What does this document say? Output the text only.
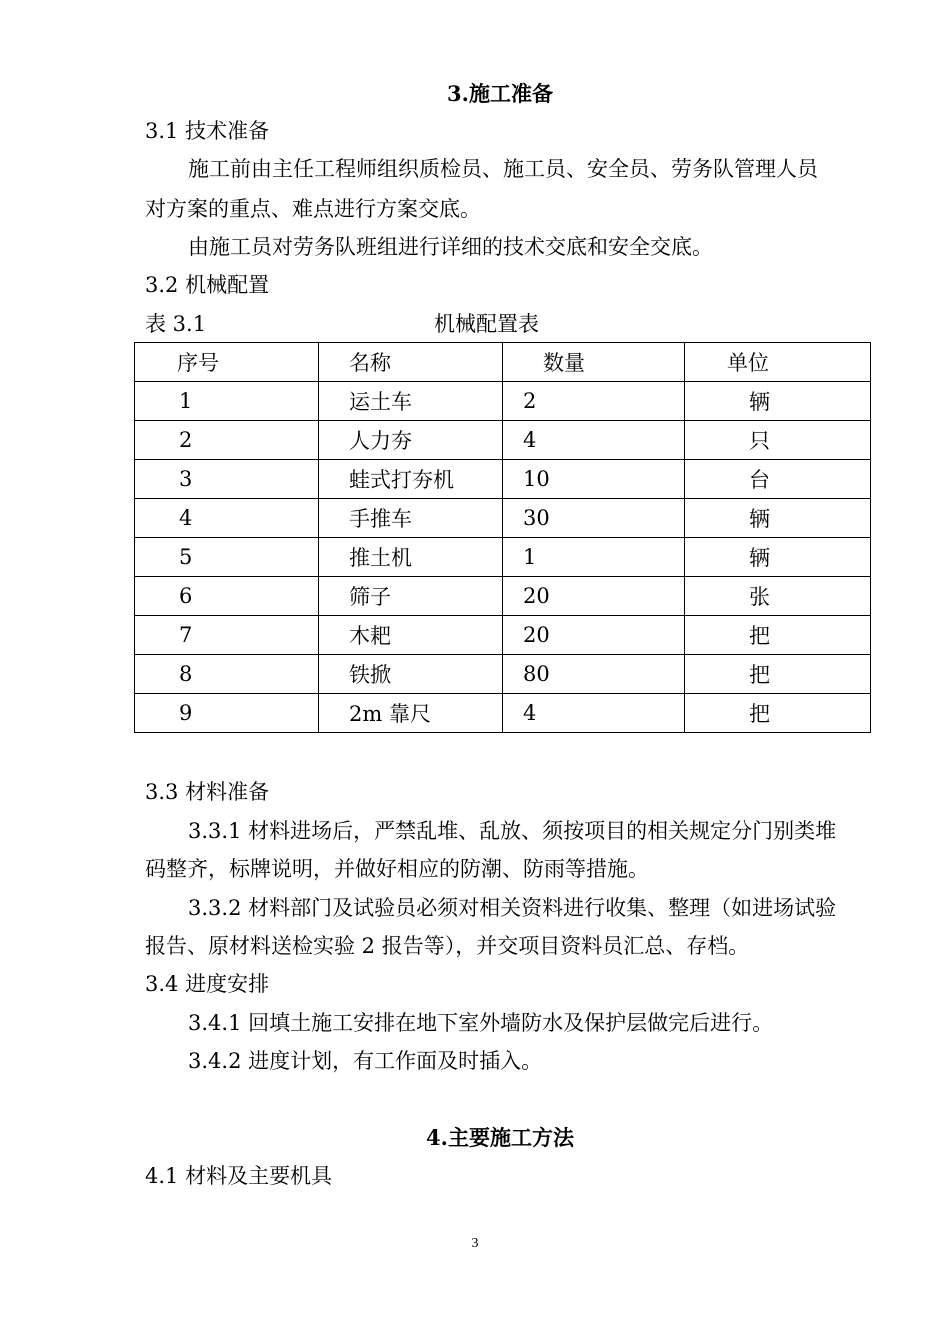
3.施工准备
3.1 技术准备
施工前由主任工程师组织质检员、施工员、安全员、劳务队管理人员
对方案的重点、难点进行方案交底。
由施工员对劳务队班组进行详细的技术交底和安全交底。
3.2 机械配置
表 3.1	机械配置表
序号	名称	数量	单位
1	运土车	2	辆
2	人力夯	4	只
3	蛙式打夯机	10	台
4	手推车	30	辆
5	推土机	1	辆
6	筛子	20	张
7	木耙	20	把
8	铁掀	80	把
9	2m 靠尺	4	把
3.3 材料准备
3.3.1 材料进场后，严禁乱堆、乱放、须按项目的相关规定分门别类堆
码整齐，标牌说明，并做好相应的防潮、防雨等措施。
3.3.2 材料部门及试验员必须对相关资料进行收集、整理（如进场试验
报告、原材料送检实验 2 报告等），并交项目资料员汇总、存档。
3.4 进度安排
3.4.1 回填土施工安排在地下室外墙防水及保护层做完后进行。
3.4.2 进度计划，有工作面及时插入。
4.主要施工方法
4.1 材料及主要机具
3
